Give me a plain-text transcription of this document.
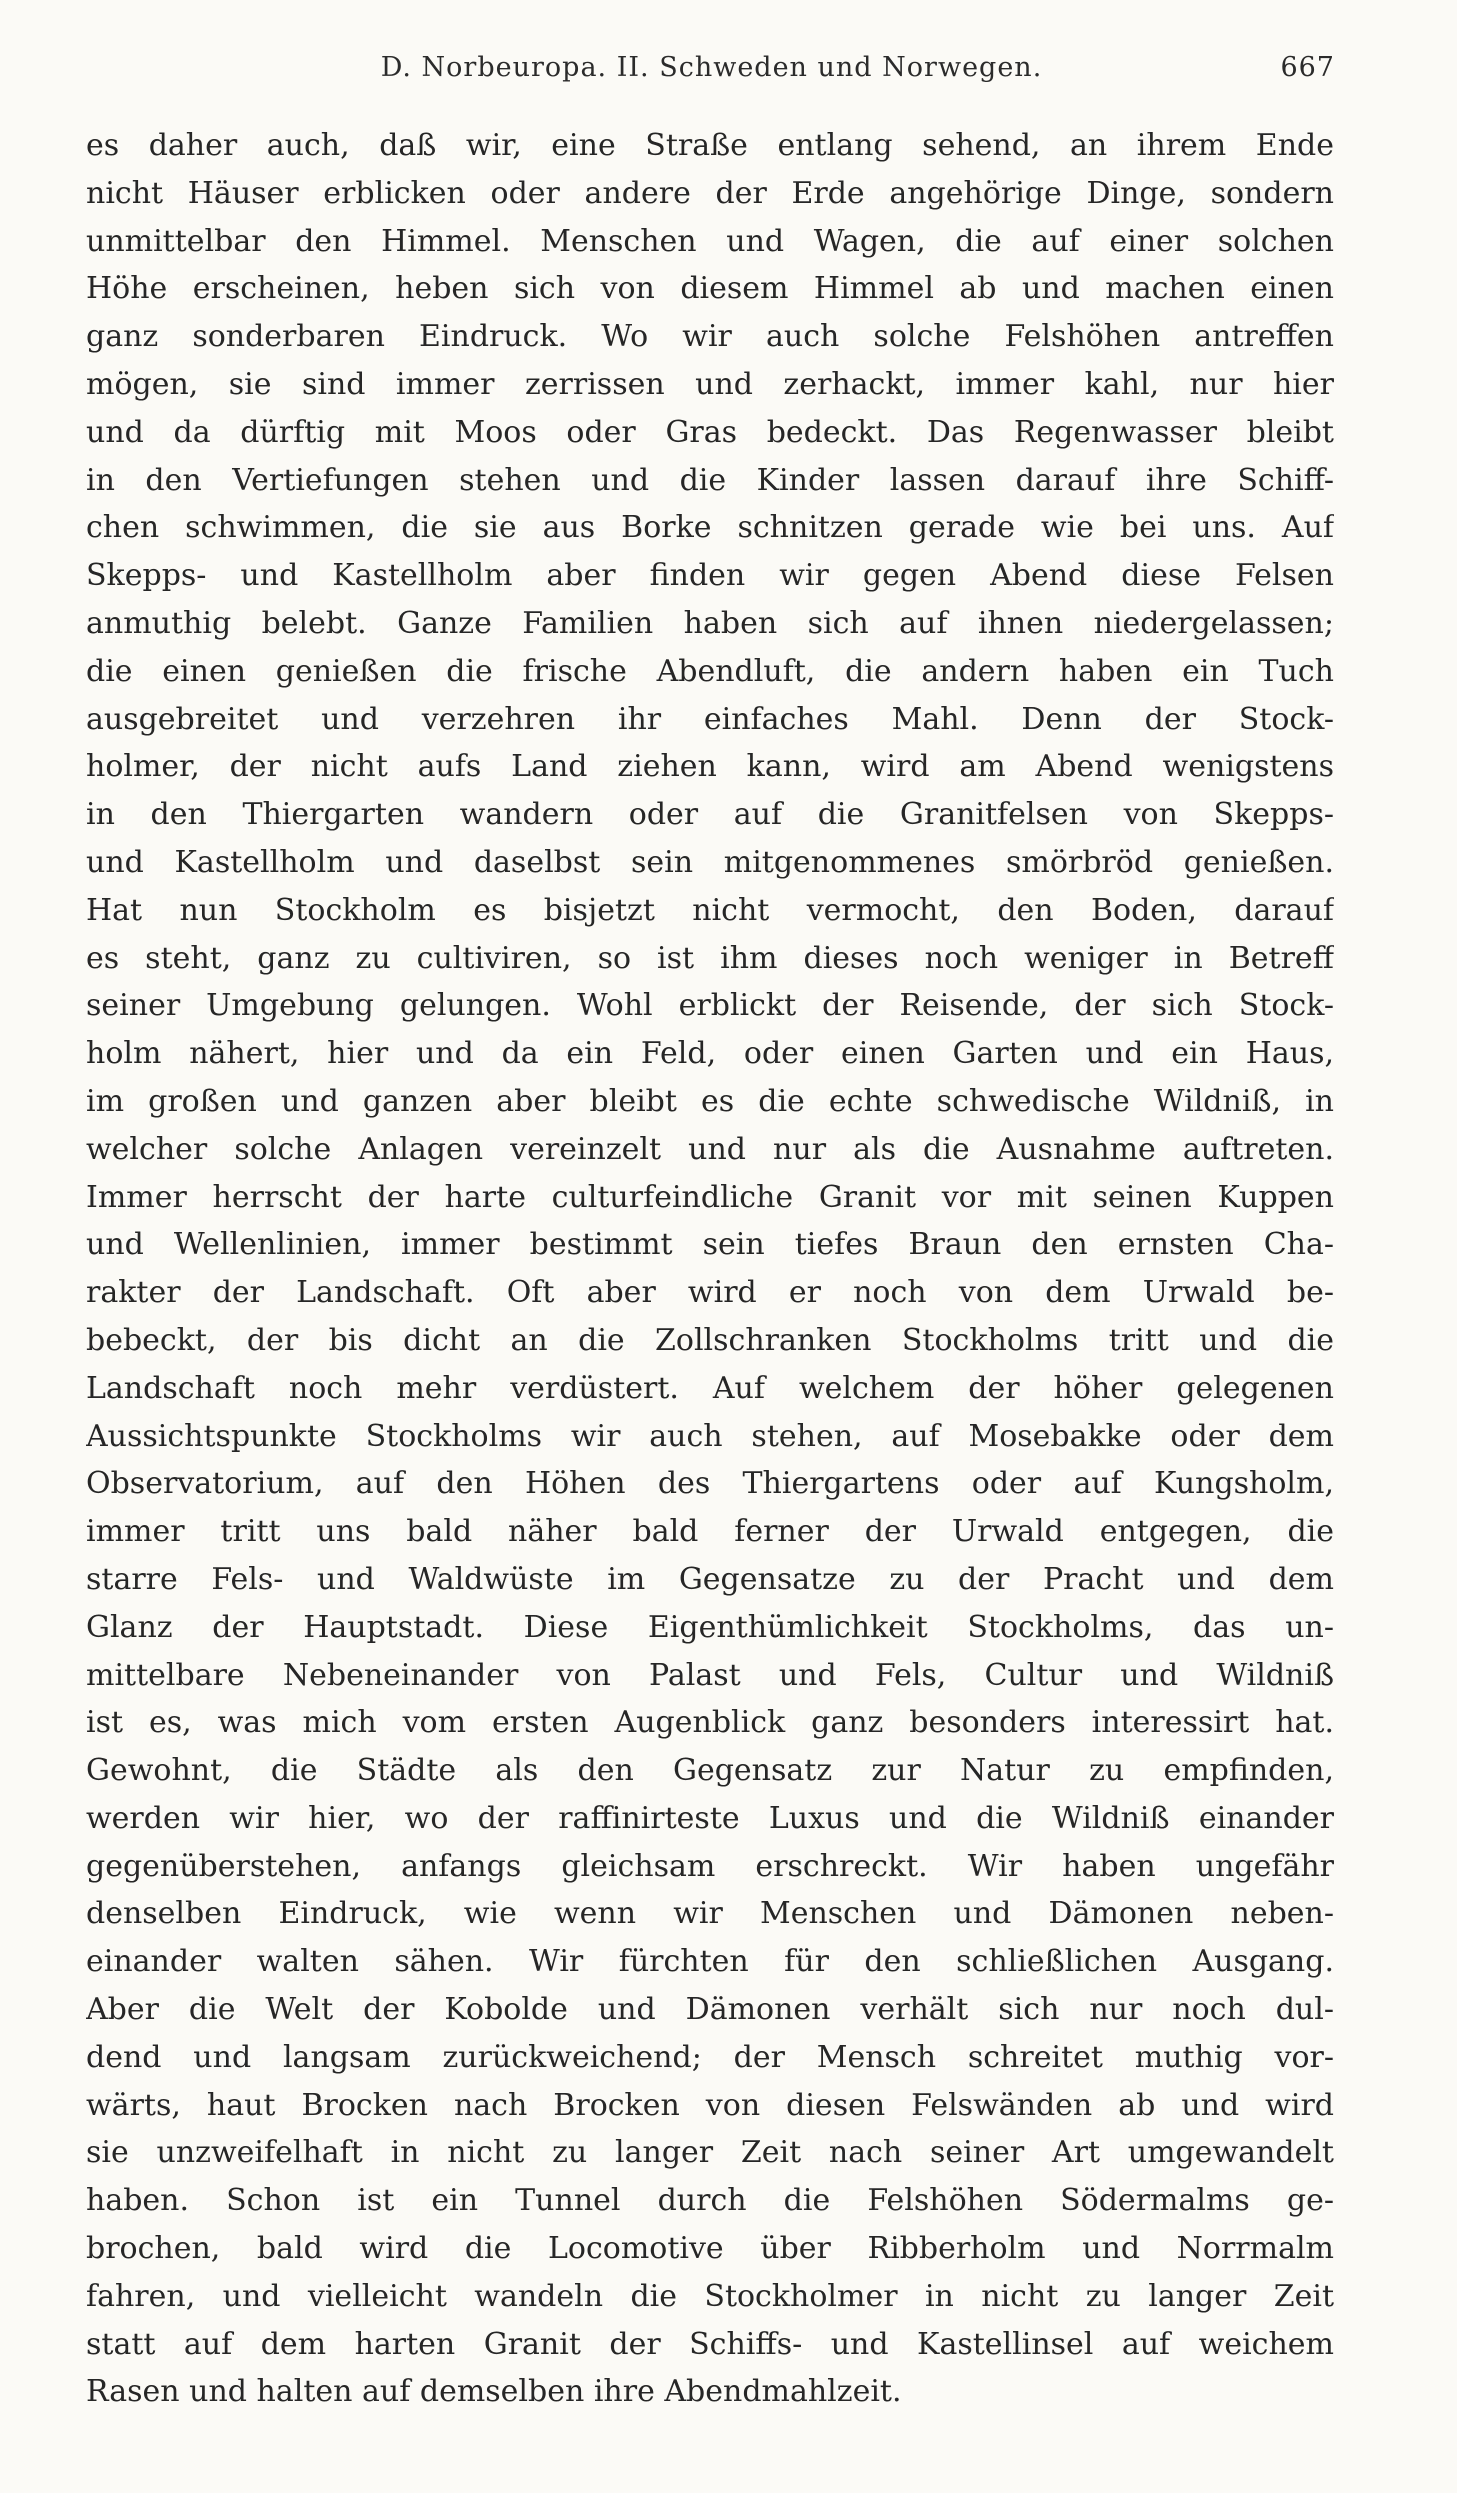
D. Norbeuropa. II. Schweden und Norwegen.	667
es daher auch, daß wir, eine Straße entlang sehend, an ihrem Ende
nicht Häuser erblicken oder andere der Erde angehörige Dinge, sondern
unmittelbar den Himmel. Menschen und Wagen, die auf einer solchen
Höhe erscheinen, heben sich von diesem Himmel ab und machen einen
ganz sonderbaren Eindruck. Wo wir auch solche Felshöhen antreffen
mögen, sie sind immer zerrissen und zerhackt, immer kahl, nur hier
und da dürftig mit Moos oder Gras bedeckt. Das Regenwasser bleibt
in den Vertiefungen stehen und die Kinder lassen darauf ihre Schiff-
chen schwimmen, die sie aus Borke schnitzen gerade wie bei uns. Auf
Skepps- und Kastellholm aber finden wir gegen Abend diese Felsen
anmuthig belebt. Ganze Familien haben sich auf ihnen niedergelassen;
die einen genießen die frische Abendluft, die andern haben ein Tuch
ausgebreitet und verzehren ihr einfaches Mahl. Denn der Stock-
holmer, der nicht aufs Land ziehen kann, wird am Abend wenigstens
in den Thiergarten wandern oder auf die Granitfelsen von Skepps-
und Kastellholm und daselbst sein mitgenommenes smörbröd genießen.
Hat nun Stockholm es bisjetzt nicht vermocht, den Boden, darauf
es steht, ganz zu cultiviren, so ist ihm dieses noch weniger in Betreff
seiner Umgebung gelungen. Wohl erblickt der Reisende, der sich Stock-
holm nähert, hier und da ein Feld, oder einen Garten und ein Haus,
im großen und ganzen aber bleibt es die echte schwedische Wildniß, in
welcher solche Anlagen vereinzelt und nur als die Ausnahme auftreten.
Immer herrscht der harte culturfeindliche Granit vor mit seinen Kuppen
und Wellenlinien, immer bestimmt sein tiefes Braun den ernsten Cha-
rakter der Landschaft. Oft aber wird er noch von dem Urwald be-
bebeckt, der bis dicht an die Zollschranken Stockholms tritt und die
Landschaft noch mehr verdüstert. Auf welchem der höher gelegenen
Aussichtspunkte Stockholms wir auch stehen, auf Mosebakke oder dem
Observatorium, auf den Höhen des Thiergartens oder auf Kungsholm,
immer tritt uns bald näher bald ferner der Urwald entgegen, die
starre Fels- und Waldwüste im Gegensatze zu der Pracht und dem
Glanz der Hauptstadt. Diese Eigenthümlichkeit Stockholms, das un-
mittelbare Nebeneinander von Palast und Fels, Cultur und Wildniß
ist es, was mich vom ersten Augenblick ganz besonders interessirt hat.
Gewohnt, die Städte als den Gegensatz zur Natur zu empfinden,
werden wir hier, wo der raffinirteste Luxus und die Wildniß einander
gegenüberstehen, anfangs gleichsam erschreckt. Wir haben ungefähr
denselben Eindruck, wie wenn wir Menschen und Dämonen neben-
einander walten sähen. Wir fürchten für den schließlichen Ausgang.
Aber die Welt der Kobolde und Dämonen verhält sich nur noch dul-
dend und langsam zurückweichend; der Mensch schreitet muthig vor-
wärts, haut Brocken nach Brocken von diesen Felswänden ab und wird
sie unzweifelhaft in nicht zu langer Zeit nach seiner Art umgewandelt
haben. Schon ist ein Tunnel durch die Felshöhen Södermalms ge-
brochen, bald wird die Locomotive über Ribberholm und Norrmalm
fahren, und vielleicht wandeln die Stockholmer in nicht zu langer Zeit
statt auf dem harten Granit der Schiffs- und Kastellinsel auf weichem
Rasen und halten auf demselben ihre Abendmahlzeit.
